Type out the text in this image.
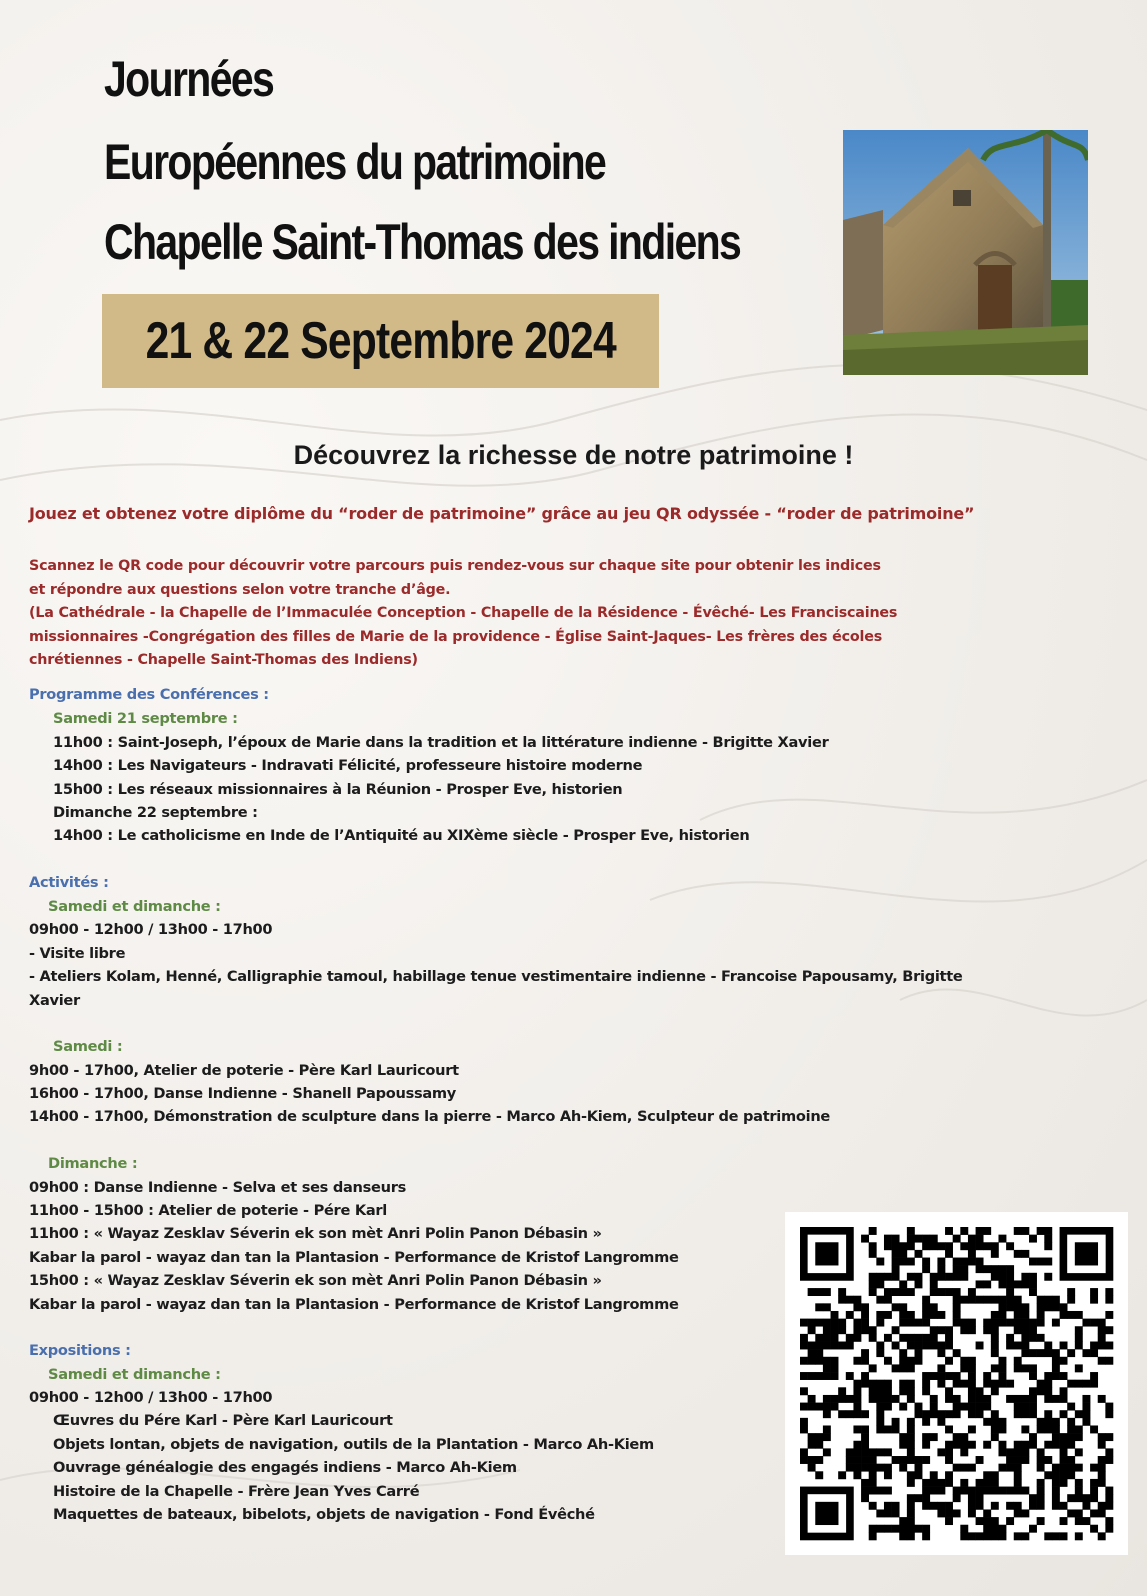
Journées
Européennes du patrimoine
Chapelle Saint-Thomas des indiens
21 & 22 Septembre 2024
Découvrez la richesse de notre patrimoine !
Jouez et obtenez votre diplôme du “roder de patrimoine” grâce au jeu QR odyssée - “roder de patrimoine”

Scannez le QR code pour découvrir votre parcours puis rendez-vous sur chaque site pour obtenir les indices

et répondre aux questions selon votre tranche d’âge.

(La Cathédrale - la Chapelle de l’Immaculée Conception - Chapelle de la Résidence - Évêché- Les Franciscaines

missionnaires -Congrégation des filles de Marie de la providence - Église Saint-Jaques- Les frères des écoles

chrétiennes - Chapelle Saint-Thomas des Indiens)

Programme des Conférences :
Samedi 21 septembre :
11h00 : Saint-Joseph, l’époux de Marie dans la tradition et la littérature indienne - Brigitte Xavier
14h00 : Les Navigateurs - Indravati Félicité, professeure histoire moderne
15h00 : Les réseaux missionnaires à la Réunion - Prosper Eve, historien
Dimanche 22 septembre :
14h00 : Le catholicisme en Inde de l’Antiquité au XIXème siècle - Prosper Eve, historien
Activités :
Samedi et dimanche :
09h00 - 12h00 / 13h00 - 17h00
- Visite libre
- Ateliers Kolam, Henné, Calligraphie tamoul, habillage tenue vestimentaire indienne - Francoise Papousamy, Brigitte
Xavier
Samedi :
9h00 - 17h00, Atelier de poterie - Père Karl Lauricourt
16h00 - 17h00, Danse Indienne - Shanell Papoussamy
14h00 - 17h00, Démonstration de sculpture dans la pierre - Marco Ah-Kiem, Sculpteur de patrimoine
Dimanche :
09h00 : Danse Indienne - Selva et ses danseurs
11h00 - 15h00 : Atelier de poterie - Pére Karl
11h00 : « Wayaz Zesklav Séverin ek son mèt Anri Polin Panon Débasin »
Kabar la parol - wayaz dan tan la Plantasion - Performance de Kristof Langromme
15h00 : « Wayaz Zesklav Séverin ek son mèt Anri Polin Panon Débasin »
Kabar la parol - wayaz dan tan la Plantasion - Performance de Kristof Langromme
Expositions :
Samedi et dimanche :
09h00 - 12h00 / 13h00 - 17h00
Œuvres du Pére Karl - Père Karl Lauricourt
Objets lontan, objets de navigation, outils de la Plantation - Marco Ah-Kiem
Ouvrage généalogie des engagés indiens - Marco Ah-Kiem
Histoire de la Chapelle - Frère Jean Yves Carré
Maquettes de bateaux, bibelots, objets de navigation - Fond Évêché
